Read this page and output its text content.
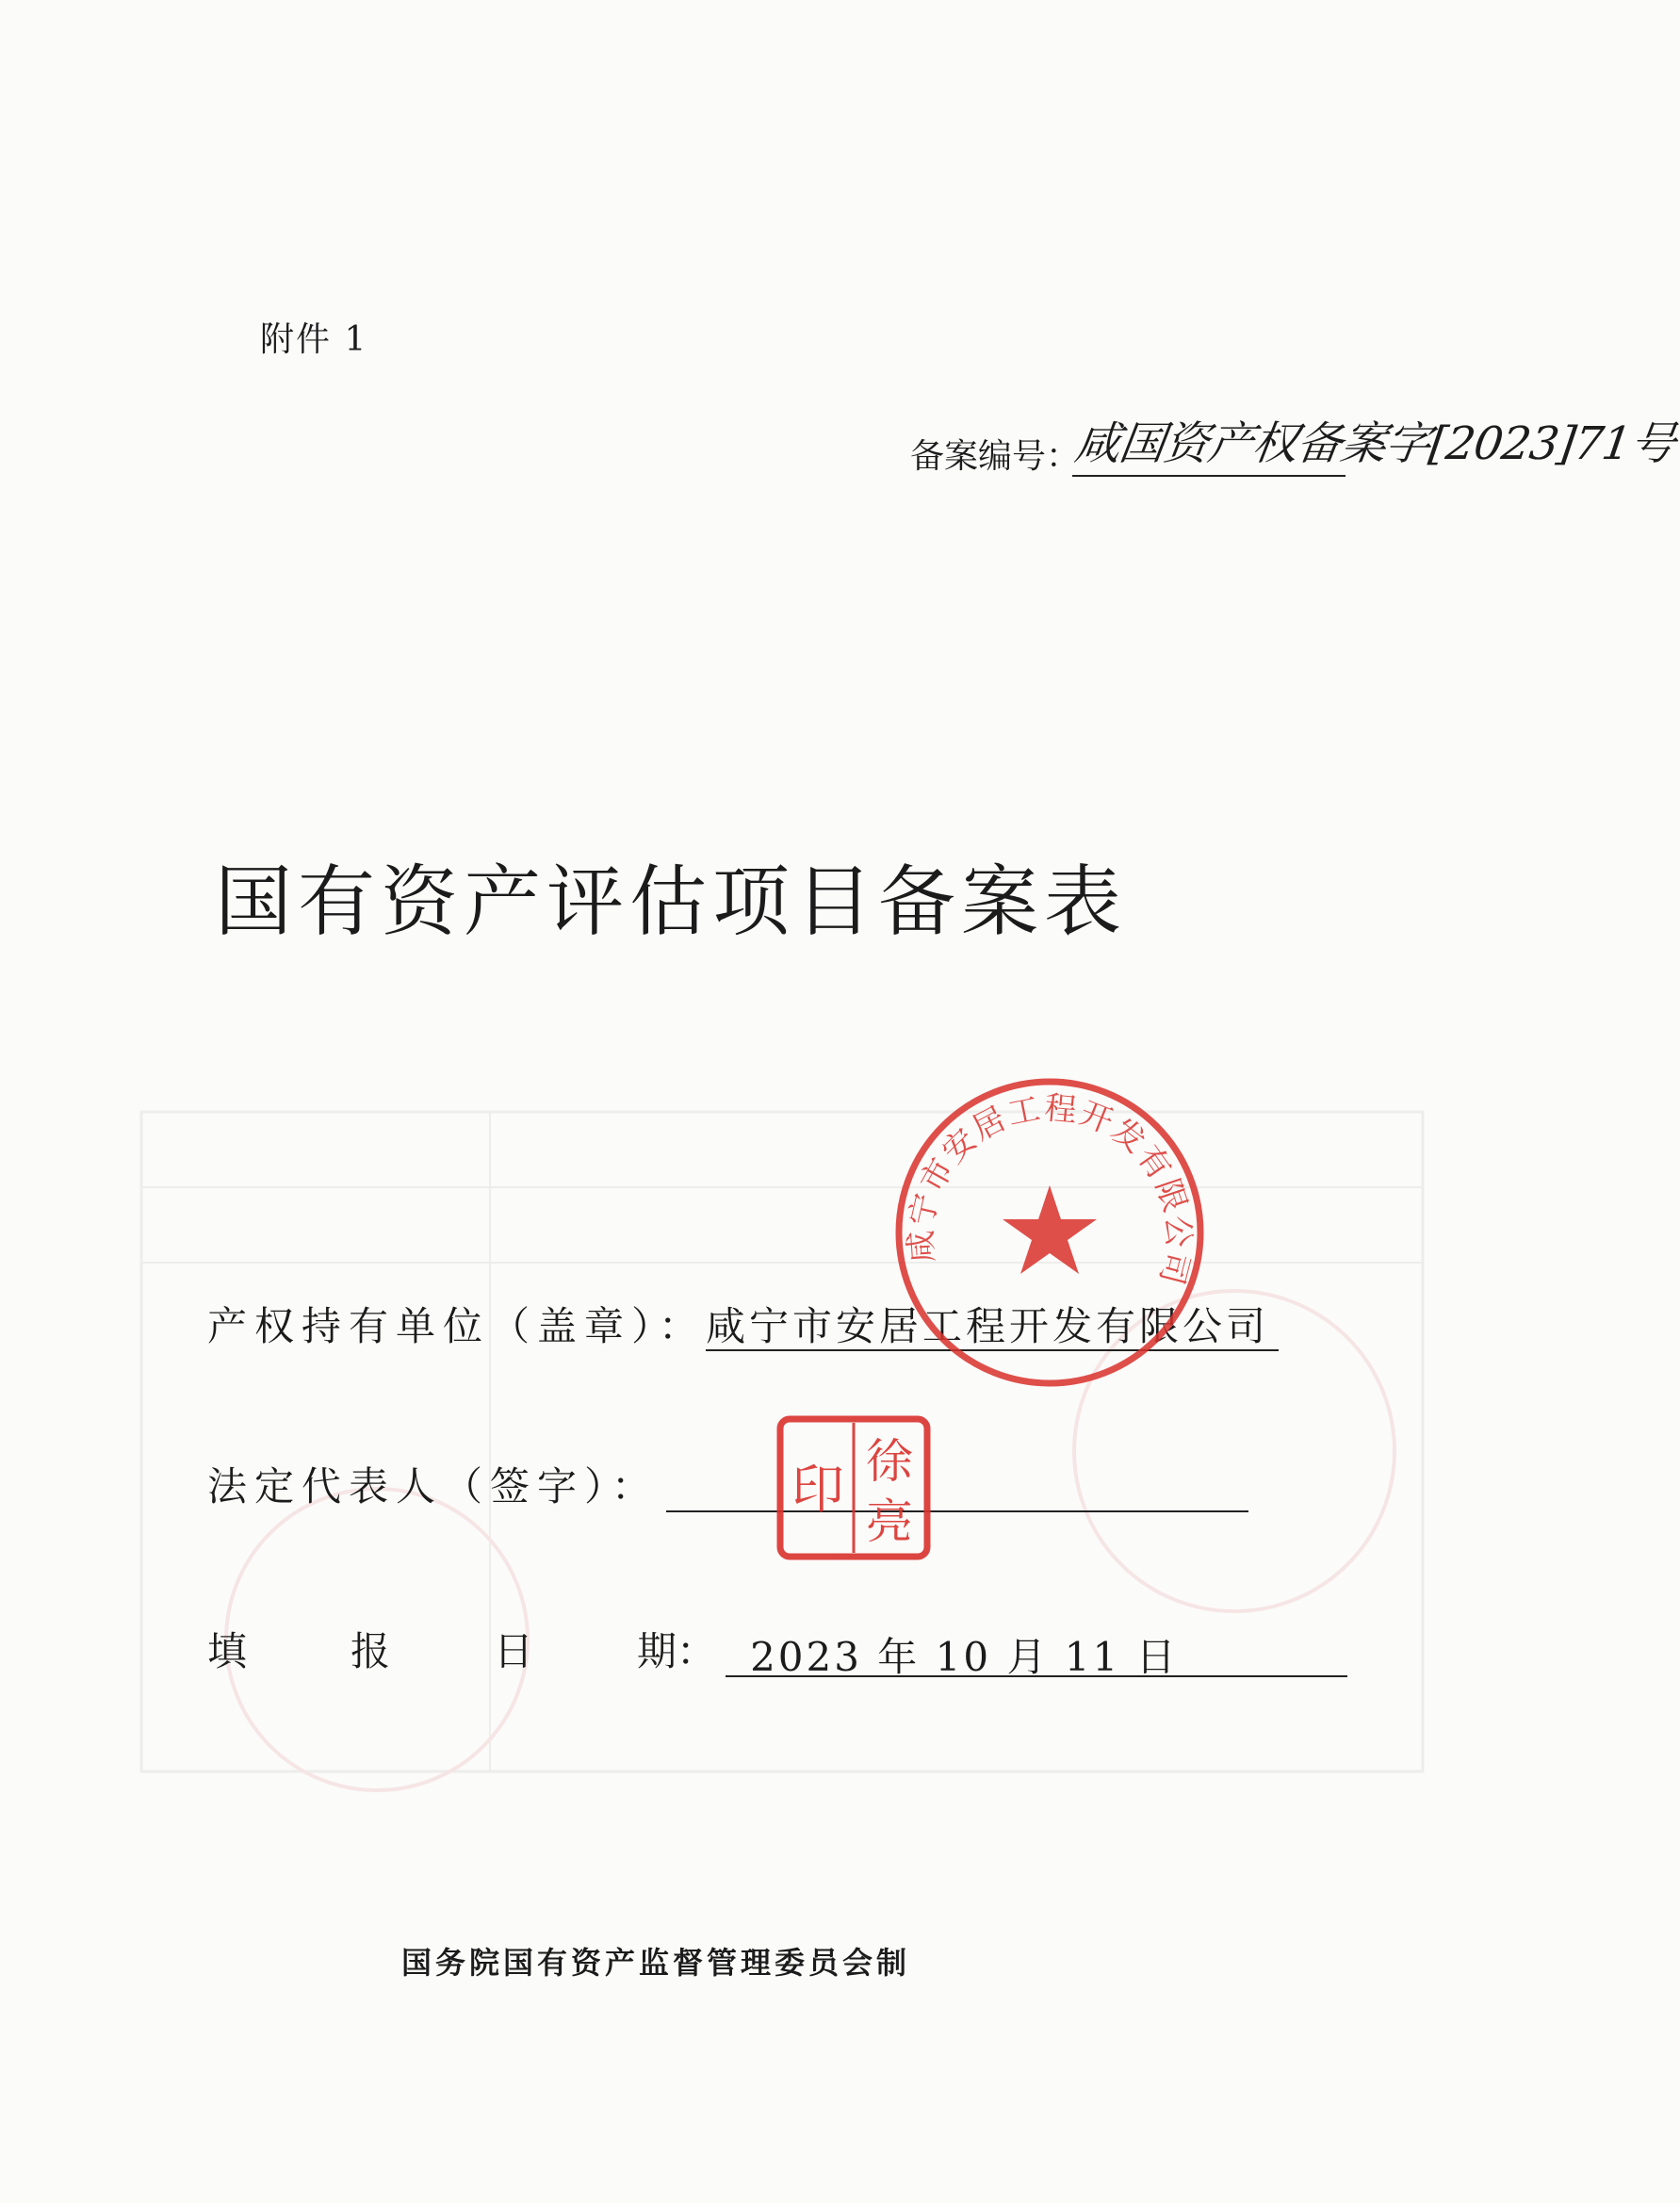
附件 1
备案编号：
咸国资产权备案字[2023]71号
国有资产评估项目备案表
产权持有单位（盖章）：咸宁市安居工程开发有限公司
法定代表人（签字）：
填	报	日	期： 2023 年 10 月 11 日
咸宁市安居工程开发有限公司
徐
亮
印
国务院国有资产监督管理委员会制
